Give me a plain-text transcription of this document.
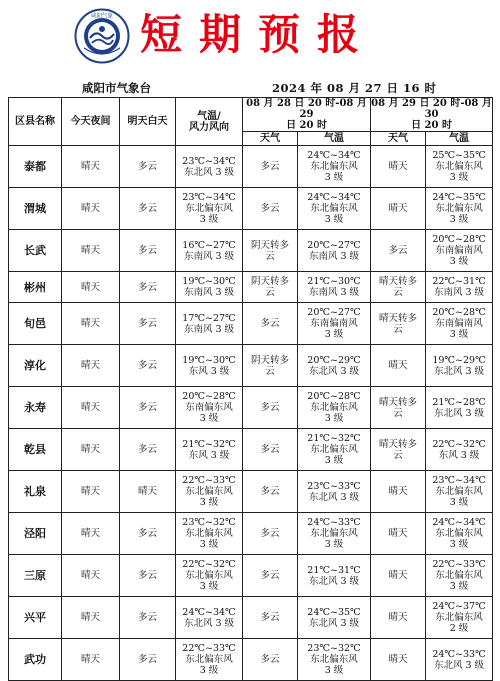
咸阳气象 短期预报
咸阳市气象台	2024 年 08 月 27 日 16 时
区县名称	今天夜间	明天白天	气温/
风力风向	08 月 28 日 20 时-08 月 29
日 20 时		08 月 29 日 20 时-08 月 30
日 20 时	

				天气	气温	天气	气温
泰都	晴天	多云	23℃~34℃
东北风 3 级	多云	24℃~34℃
东北偏东风
3 级	晴天	25℃~35℃
东北偏东风
3 级

渭城	晴天	多云	23℃~34℃
东北偏东风
3 级	多云	24℃~34℃
东北偏东风
3 级	晴天	24℃~35℃
东北偏东风
3 级

长武	晴天	多云	16℃~27℃
东南风 3 级	阴天转多
云	20℃~27℃
东南风 3 级	多云	20℃~28℃
东南偏南风
3 级

彬州	晴天	多云	19℃~30℃
东南风 3 级	阴天转多
云	21℃~30℃
东南风 3 级	晴天转多
云	22℃~31℃
东南风 3 级

旬邑	晴天	多云	17℃~27℃
东南风 3 级	多云	20℃~27℃
东南偏南风
3 级	晴天转多
云	20℃~28℃
东南偏南风
3 级

淳化	晴天	多云	19℃~30℃
东风 3 级	阴天转多
云	20℃~29℃
东北风 3 级	晴天	19℃~29℃
东北风 3 级

永寿	晴天	多云	20℃~28℃
东南偏东风
3 级	多云	20℃~28℃
东北偏东风
3 级	晴天转多
云	21℃~28℃
东北风 3 级

乾县	晴天	多云	21℃~32℃
东风 3 级	多云	21℃~32℃
东北偏东风
3 级	晴天转多
云	22℃~32℃
东风 3 级

礼泉	晴天	晴天	22℃~33℃
东北偏东风
3 级	多云	23℃~33℃
东北风 3 级	晴天	23℃~34℃
东北偏东风
3 级

泾阳	晴天	多云	23℃~32℃
东北偏东风
3 级	多云	24℃~33℃
东北偏东风
3 级	晴天	24℃~34℃
东北偏东风
3 级

三原	晴天	多云	22℃~32℃
东北偏东风
3 级	多云	21℃~31℃
东北风 3 级	晴天	22℃~33℃
东北偏东风
3 级

兴平	晴天	多云	24℃~34℃
东北风 3 级	多云	24℃~35℃
东北风 3 级	晴天	24℃~37℃
东北偏东风
2 级

武功	晴天	多云	22℃~33℃
东北偏东风
3 级	多云	23℃~32℃
东北偏东风
3 级	晴天	24℃~33℃
东北风 3 级
